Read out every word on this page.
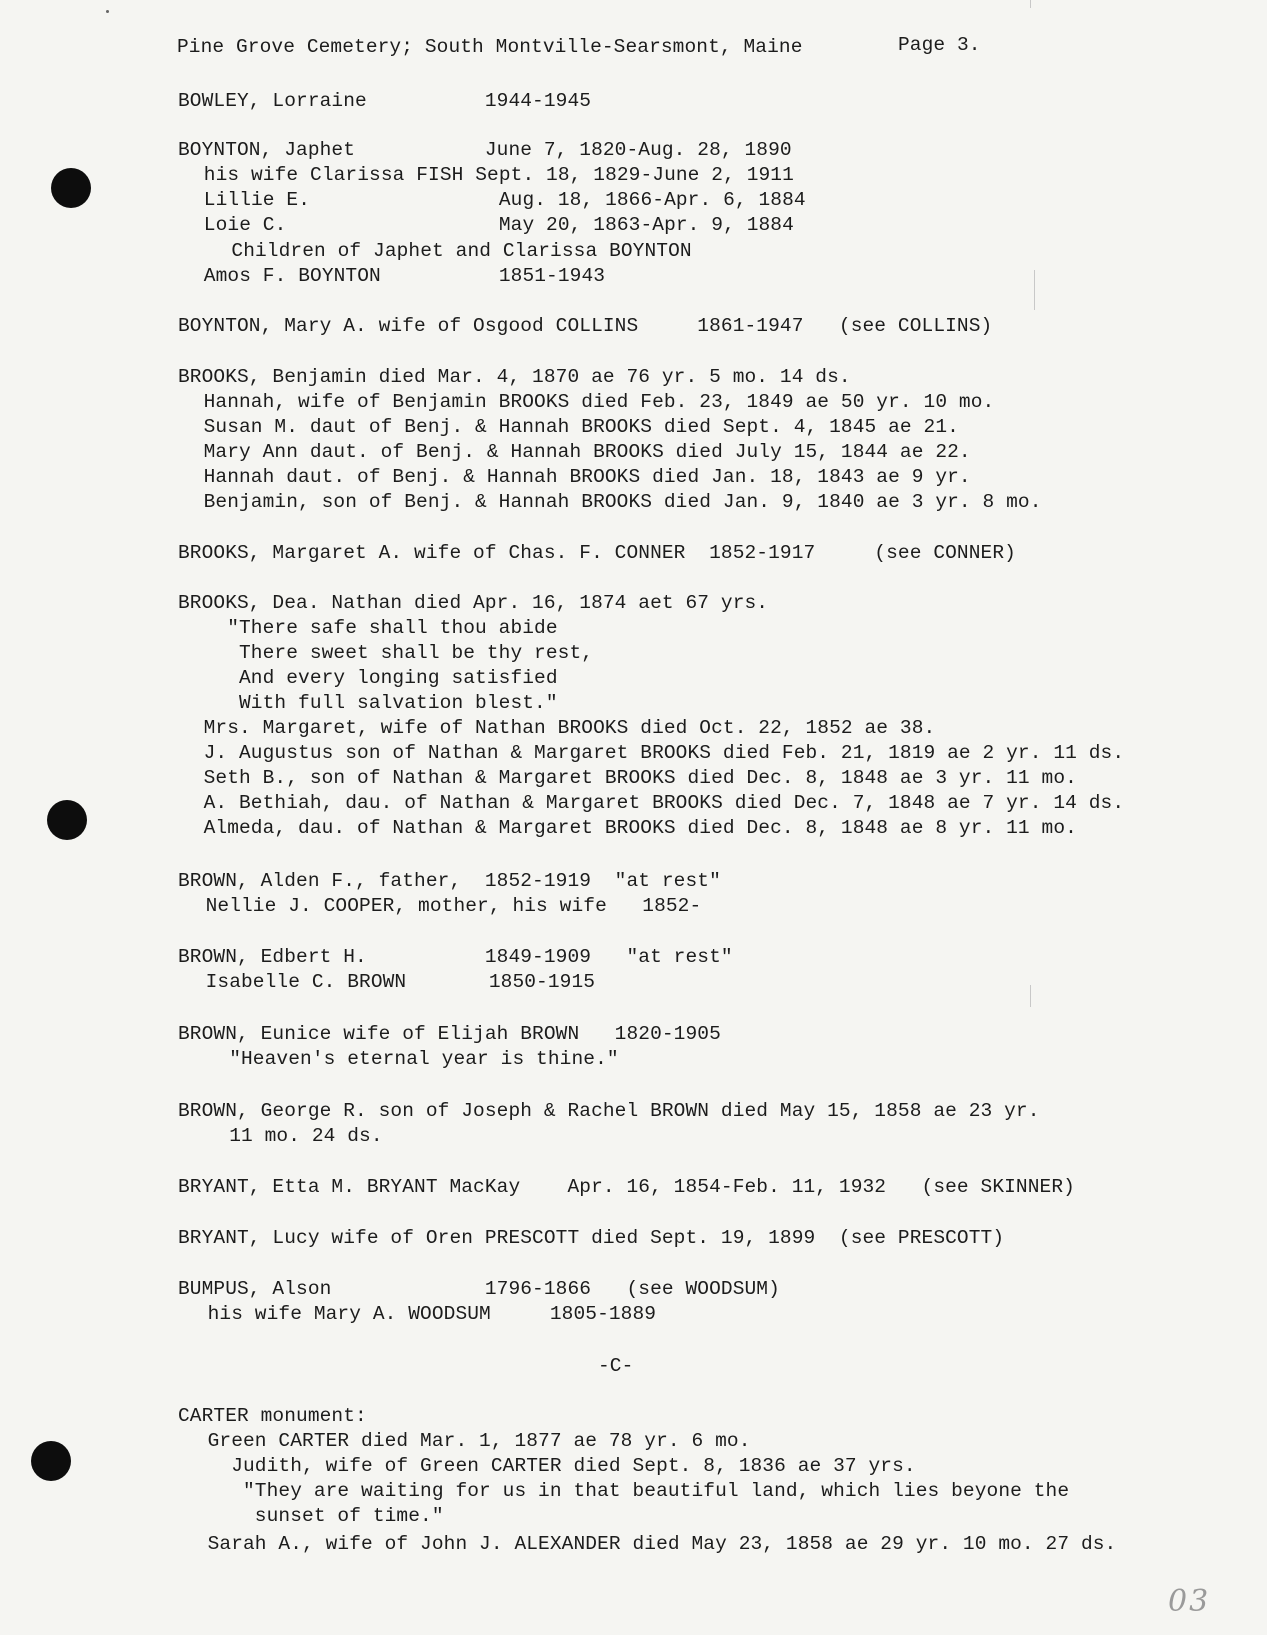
Pine Grove Cemetery; South Montville-Searsmont, Maine	Page 3.
BOWLEY, Lorraine          1944-1945
BOYNTON, Japhet           June 7, 1820-Aug. 28, 1890
his wife Clarissa FISH Sept. 18, 1829-June 2, 1911
Lillie E.                Aug. 18, 1866-Apr. 6, 1884
Loie C.                  May 20, 1863-Apr. 9, 1884
Children of Japhet and Clarissa BOYNTON
Amos F. BOYNTON          1851-1943
BOYNTON, Mary A. wife of Osgood COLLINS     1861-1947   (see COLLINS)
BROOKS, Benjamin died Mar. 4, 1870 ae 76 yr. 5 mo. 14 ds.
Hannah, wife of Benjamin BROOKS died Feb. 23, 1849 ae 50 yr. 10 mo.
Susan M. daut of Benj. & Hannah BROOKS died Sept. 4, 1845 ae 21.
Mary Ann daut. of Benj. & Hannah BROOKS died July 15, 1844 ae 22.
Hannah daut. of Benj. & Hannah BROOKS died Jan. 18, 1843 ae 9 yr.
Benjamin, son of Benj. & Hannah BROOKS died Jan. 9, 1840 ae 3 yr. 8 mo.
BROOKS, Margaret A. wife of Chas. F. CONNER  1852-1917     (see CONNER)
BROOKS, Dea. Nathan died Apr. 16, 1874 aet 67 yrs.
"There safe shall thou abide
There sweet shall be thy rest,
And every longing satisfied
With full salvation blest."
Mrs. Margaret, wife of Nathan BROOKS died Oct. 22, 1852 ae 38.
J. Augustus son of Nathan & Margaret BROOKS died Feb. 21, 1819 ae 2 yr. 11 ds.
Seth B., son of Nathan & Margaret BROOKS died Dec. 8, 1848 ae 3 yr. 11 mo.
A. Bethiah, dau. of Nathan & Margaret BROOKS died Dec. 7, 1848 ae 7 yr. 14 ds.
Almeda, dau. of Nathan & Margaret BROOKS died Dec. 8, 1848 ae 8 yr. 11 mo.
BROWN, Alden F., father,  1852-1919  "at rest"
Nellie J. COOPER, mother, his wife   1852-
BROWN, Edbert H.          1849-1909   "at rest"
Isabelle C. BROWN       1850-1915
BROWN, Eunice wife of Elijah BROWN   1820-1905
"Heaven's eternal year is thine."
BROWN, George R. son of Joseph & Rachel BROWN died May 15, 1858 ae 23 yr.
11 mo. 24 ds.
BRYANT, Etta M. BRYANT MacKay    Apr. 16, 1854-Feb. 11, 1932   (see SKINNER)
BRYANT, Lucy wife of Oren PRESCOTT died Sept. 19, 1899  (see PRESCOTT)
BUMPUS, Alson             1796-1866   (see WOODSUM)
his wife Mary A. WOODSUM     1805-1889
-C-
CARTER monument:
Green CARTER died Mar. 1, 1877 ae 78 yr. 6 mo.
Judith, wife of Green CARTER died Sept. 8, 1836 ae 37 yrs.
"They are waiting for us in that beautiful land, which lies beyone the
sunset of time."
Sarah A., wife of John J. ALEXANDER died May 23, 1858 ae 29 yr. 10 mo. 27 ds.
03
